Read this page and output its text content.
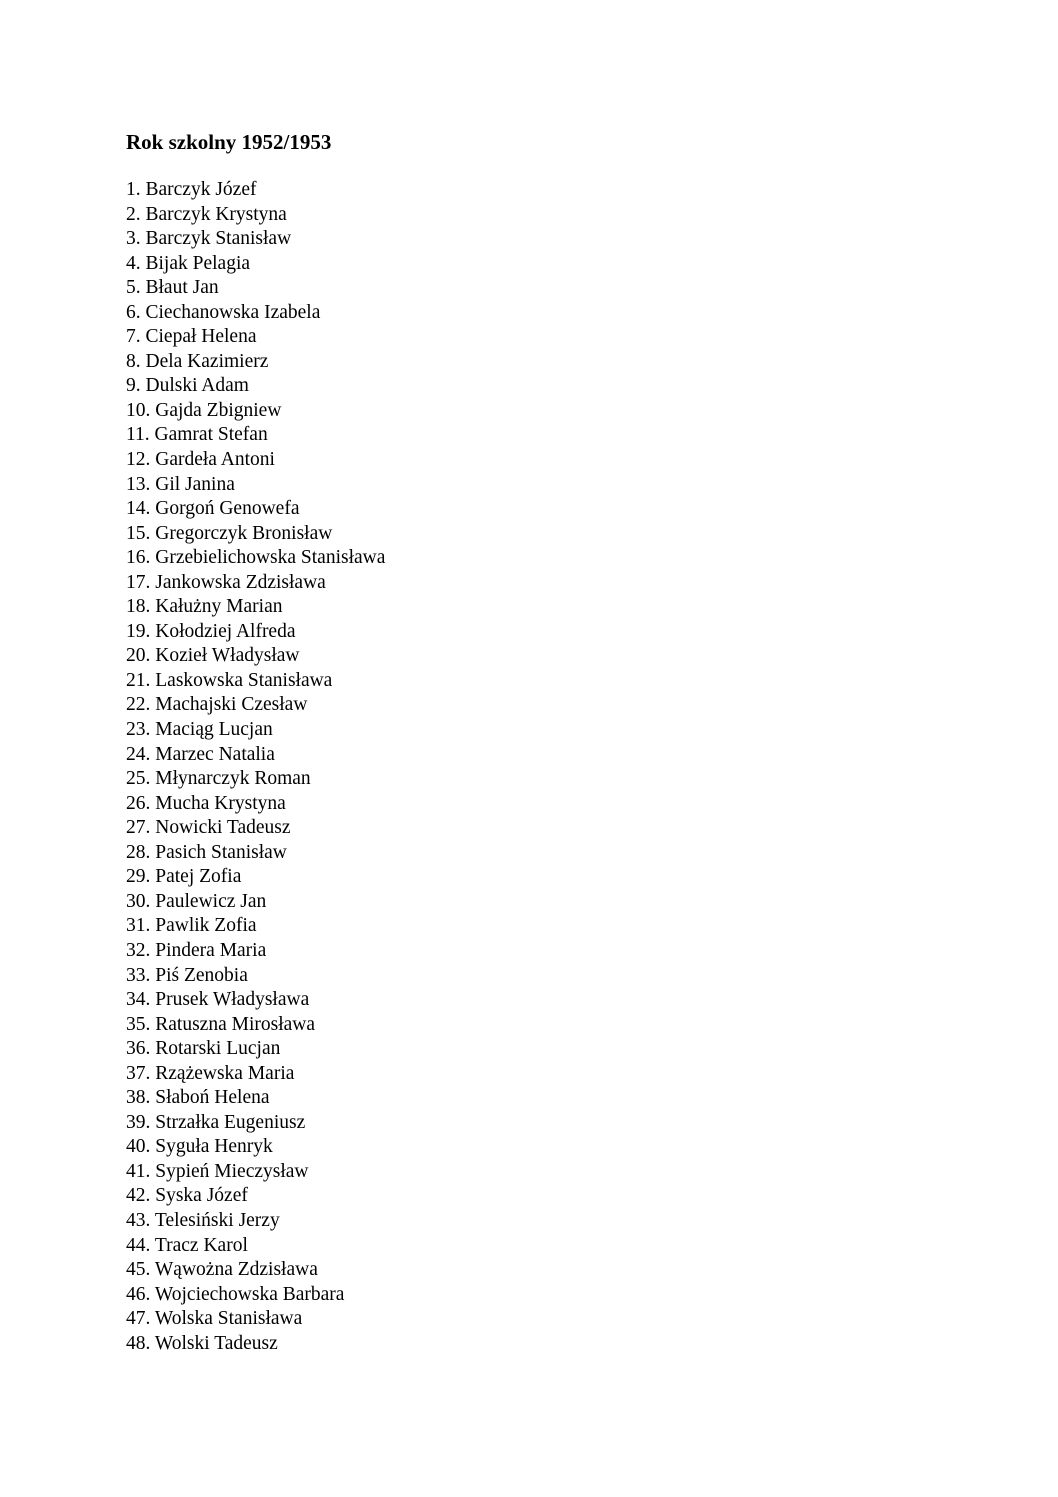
Rok szkolny 1952/1953
1. Barczyk Józef
2. Barczyk Krystyna
3. Barczyk Stanisław
4. Bijak Pelagia
5. Błaut Jan
6. Ciechanowska Izabela
7. Ciepał Helena
8. Dela Kazimierz
9. Dulski Adam
10. Gajda Zbigniew
11. Gamrat Stefan
12. Gardeła Antoni
13. Gil Janina
14. Gorgoń Genowefa
15. Gregorczyk Bronisław
16. Grzebielichowska Stanisława
17. Jankowska Zdzisława
18. Kałużny Marian
19. Kołodziej Alfreda
20. Kozieł Władysław
21. Laskowska Stanisława
22. Machajski Czesław
23. Maciąg Lucjan
24. Marzec Natalia
25. Młynarczyk Roman
26. Mucha Krystyna
27. Nowicki Tadeusz
28. Pasich Stanisław
29. Patej Zofia
30. Paulewicz Jan
31. Pawlik Zofia
32. Pindera Maria
33. Piś Zenobia
34. Prusek Władysława
35. Ratuszna Mirosława
36. Rotarski Lucjan
37. Rzążewska Maria
38. Słaboń Helena
39. Strzałka Eugeniusz
40. Syguła Henryk
41. Sypień Mieczysław
42. Syska Józef
43. Telesiński Jerzy
44. Tracz Karol
45. Wąwożna Zdzisława
46. Wojciechowska Barbara
47. Wolska Stanisława
48. Wolski Tadeusz
